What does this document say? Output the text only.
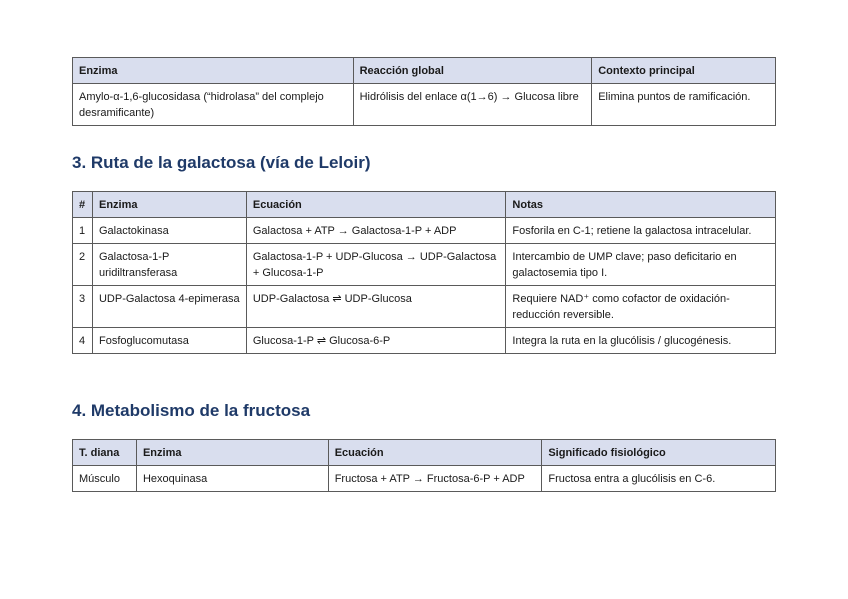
Enzima	Reacción global	Contexto principal
Amylo-α-1,6-glucosidasa (“hidrolasa” del complejo desramificante)	Hidrólisis del enlace α(1→6) → Glucosa libre	Elimina puntos de ramificación.
3. Ruta de la galactosa (vía de Leloir)
#	Enzima	Ecuación	Notas
1	Galactokinasa	Galactosa + ATP → Galactosa-1-P + ADP	Fosforila en C-1; retiene la galactosa intracelular.
2	Galactosa-1-P uridiltransferasa	Galactosa-1-P + UDP-Glucosa → UDP-Galactosa + Glucosa-1-P	Intercambio de UMP clave; paso deficitario en galactosemia tipo I.
3	UDP-Galactosa 4-epimerasa	UDP-Galactosa ⇌ UDP-Glucosa	Requiere NAD⁺ como cofactor de oxidación-reducción reversible.
4	Fosfoglucomutasa	Glucosa-1-P ⇌ Glucosa-6-P	Integra la ruta en la glucólisis / glucogénesis.
4. Metabolismo de la fructosa
T. diana	Enzima	Ecuación	Significado fisiológico
Músculo	Hexoquinasa	Fructosa + ATP → Fructosa-6-P + ADP	Fructosa entra a glucólisis en C-6.
